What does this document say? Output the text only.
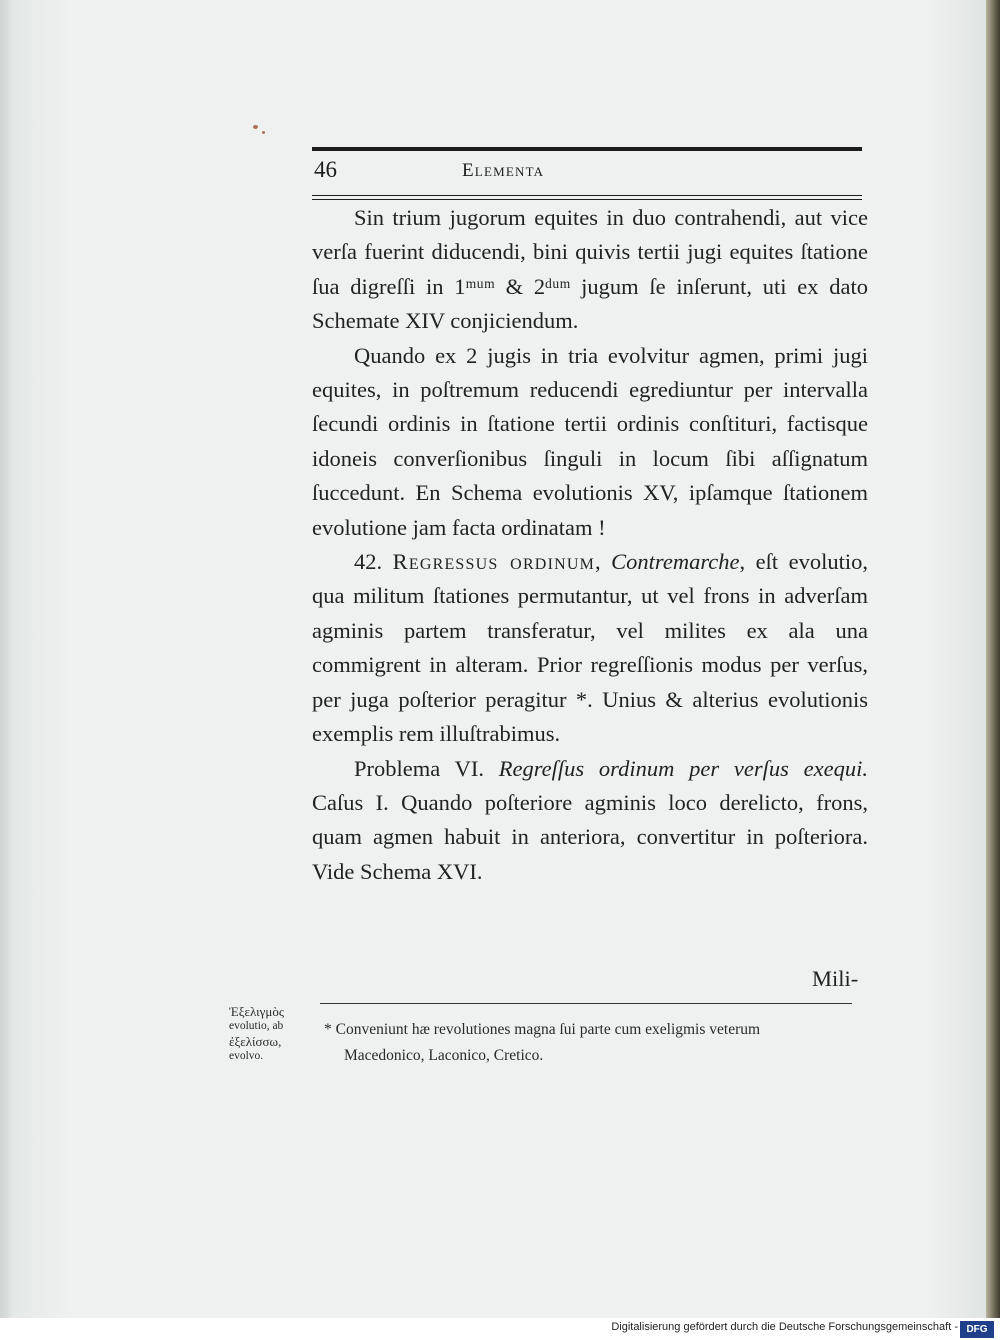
46	Elementa

Sin trium jugorum equites in duo contrahendi, aut vice verſa fuerint diducendi, bini quivis tertii jugi equites ſtatione ſua digreſſi in 1ᵐᵘᵐ & 2ᵈᵘᵐ jugum ſe inſerunt, uti ex dato Schemate XIV conjiciendum.

Quando ex 2 jugis in tria evolvitur agmen, primi jugi equites, in poſtremum reducendi egrediuntur per intervalla ſecundi ordinis in ſtatione tertii ordinis conſtituri, factisque idoneis converſionibus ſinguli in locum ſibi aſſignatum ſuccedunt. En Schema evolutionis XV, ipſamque ſtationem evolutione jam facta ordinatam !

42. Regressus ordinum, Contremarche, eſt evolutio, qua militum ſtationes permutantur, ut vel frons in adverſam agminis partem transferatur, vel milites ex ala una commigrent in alteram. Prior regreſſionis modus per verſus, per juga poſterior peragitur *. Unius & alterius evolutionis exemplis rem illuſtrabimus.

Problema VI. Regreſſus ordinum per verſus exequi. Caſus I. Quando poſteriore agminis loco derelicto, frons, quam agmen habuit in anteriora, convertitur in poſteriora. Vide Schema XVI.

Mili-
Ἐξελιγμὸς
evolutio, ab
ἐξελίσσω,
evolvo.
* Conveniunt hæ revolutiones magna ſui parte cum exeligmis veterum
Macedonico, Laconico, Cretico.
Digitalisierung gefördert durch die Deutsche Forschungsgemeinschaft - DFG
